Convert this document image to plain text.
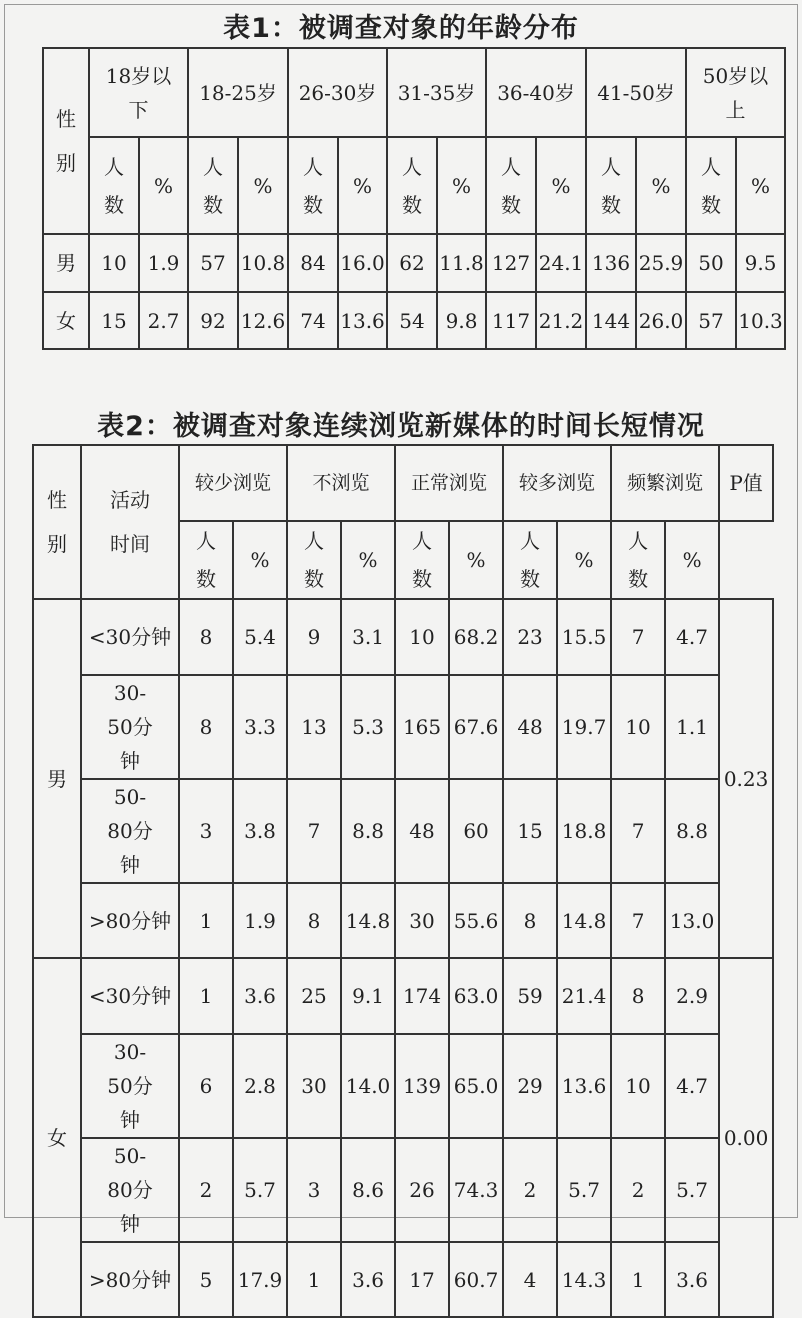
表1：被调查对象的年龄分布
性别	18岁以下		18-25岁		26-30岁		31-35岁		36-40岁		41-50岁		50岁以上	
	人数	%	人数	%	人数	%	人数	%	人数	%	人数	%	人数	%
男	10	1.9	57	10.8	84	16.0	62	11.8	127	24.1	136	25.9	50	9.5
女	15	2.7	92	12.6	74	13.6	54	9.8	117	21.2	144	26.0	57	10.3
表2：被调查对象连续浏览新媒体的时间长短情况
性别	活动时间	较少浏览		不浏览		正常浏览		较多浏览		频繁浏览		P值
		人数	%	人数	%	人数	%	人数	%	人数	%	
男	<30分钟	8	5.4	9	3.1	10	68.2	23	15.5	7	4.7	0.23
	30-50分钟	8	3.3	13	5.3	165	67.6	48	19.7	10	1.1	
	50-80分钟	3	3.8	7	8.8	48	60	15	18.8	7	8.8	
	>80分钟	1	1.9	8	14.8	30	55.6	8	14.8	7	13.0	
女	<30分钟	1	3.6	25	9.1	174	63.0	59	21.4	8	2.9	0.00
	30-50分钟	6	2.8	30	14.0	139	65.0	29	13.6	10	4.7	
	50-80分钟	2	5.7	3	8.6	26	74.3	2	5.7	2	5.7	
	>80分钟	5	17.9	1	3.6	17	60.7	4	14.3	1	3.6	
